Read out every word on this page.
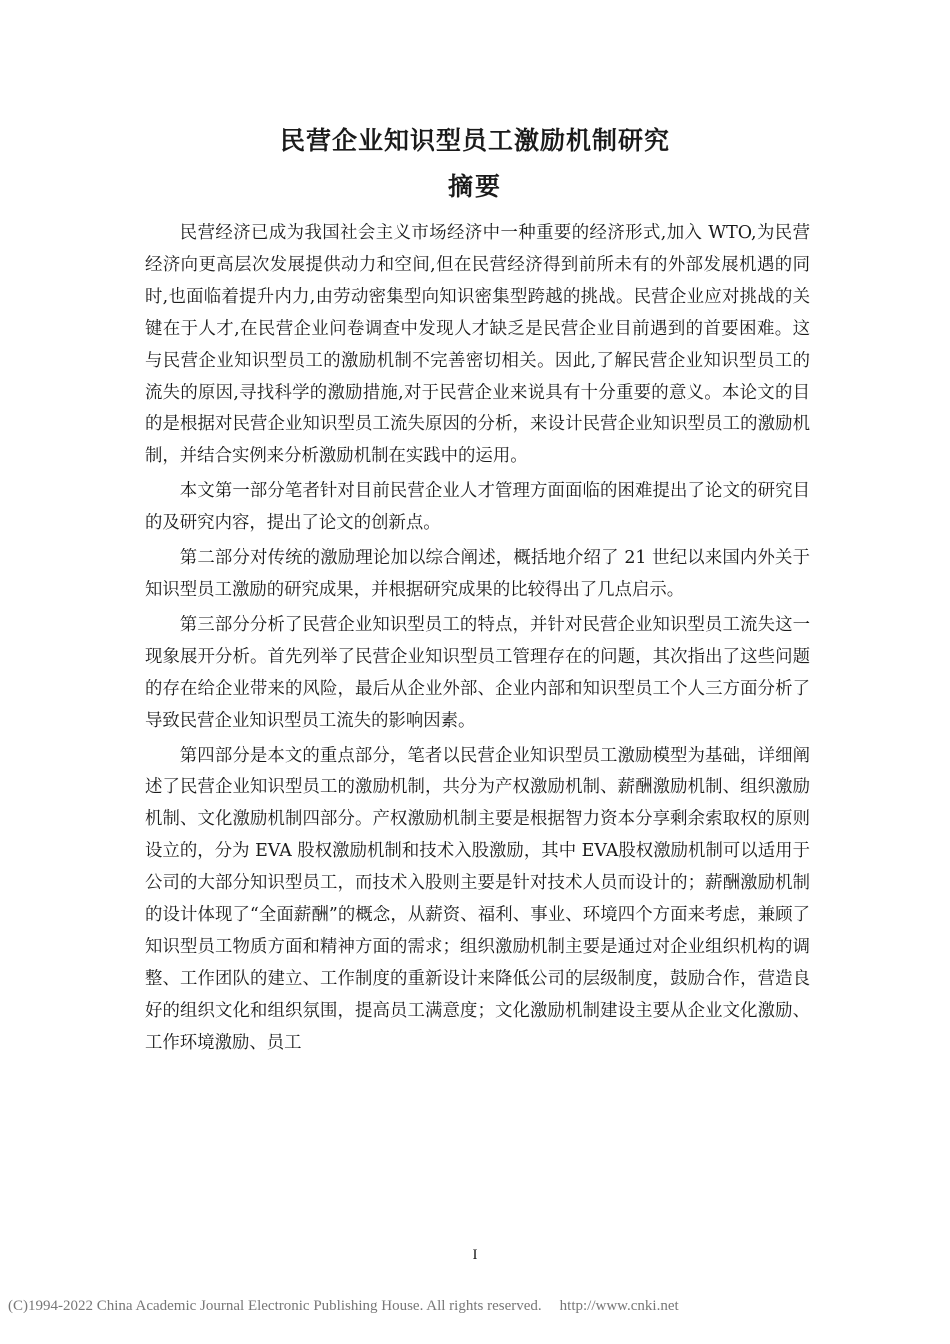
民营企业知识型员工激励机制研究
摘要

民营经济已成为我国社会主义市场经济中一种重要的经济形式,加入 WTO,为民营经济向更高层次发展提供动力和空间,但在民营经济得到前所未有的外部发展机遇的同时,也面临着提升内力,由劳动密集型向知识密集型跨越的挑战。民营企业应对挑战的关键在于人才,在民营企业问卷调查中发现人才缺乏是民营企业目前遇到的首要困难。这与民营企业知识型员工的激励机制不完善密切相关。因此,了解民营企业知识型员工的流失的原因,寻找科学的激励措施,对于民营企业来说具有十分重要的意义。本论文的目的是根据对民营企业知识型员工流失原因的分析，来设计民营企业知识型员工的激励机制，并结合实例来分析激励机制在实践中的运用。

本文第一部分笔者针对目前民营企业人才管理方面面临的困难提出了论文的研究目的及研究内容，提出了论文的创新点。

第二部分对传统的激励理论加以综合阐述，概括地介绍了 21 世纪以来国内外关于知识型员工激励的研究成果，并根据研究成果的比较得出了几点启示。

第三部分分析了民营企业知识型员工的特点，并针对民营企业知识型员工流失这一现象展开分析。首先列举了民营企业知识型员工管理存在的问题，其次指出了这些问题的存在给企业带来的风险，最后从企业外部、企业内部和知识型员工个人三方面分析了导致民营企业知识型员工流失的影响因素。

第四部分是本文的重点部分，笔者以民营企业知识型员工激励模型为基础，详细阐述了民营企业知识型员工的激励机制，共分为产权激励机制、薪酬激励机制、组织激励机制、文化激励机制四部分。产权激励机制主要是根据智力资本分享剩余索取权的原则设立的，分为 EVA 股权激励机制和技术入股激励，其中 EVA股权激励机制可以适用于公司的大部分知识型员工，而技术入股则主要是针对技术人员而设计的；薪酬激励机制的设计体现了“全面薪酬”的概念，从薪资、福利、事业、环境四个方面来考虑，兼顾了知识型员工物质方面和精神方面的需求；组织激励机制主要是通过对企业组织机构的调整、工作团队的建立、工作制度的重新设计来降低公司的层级制度，鼓励合作，营造良好的组织文化和组织氛围，提高员工满意度；文化激励机制建设主要从企业文化激励、工作环境激励、员工

I
(C)1994-2022 China Academic Journal Electronic Publishing House. All rights reserved. http://www.cnki.net
